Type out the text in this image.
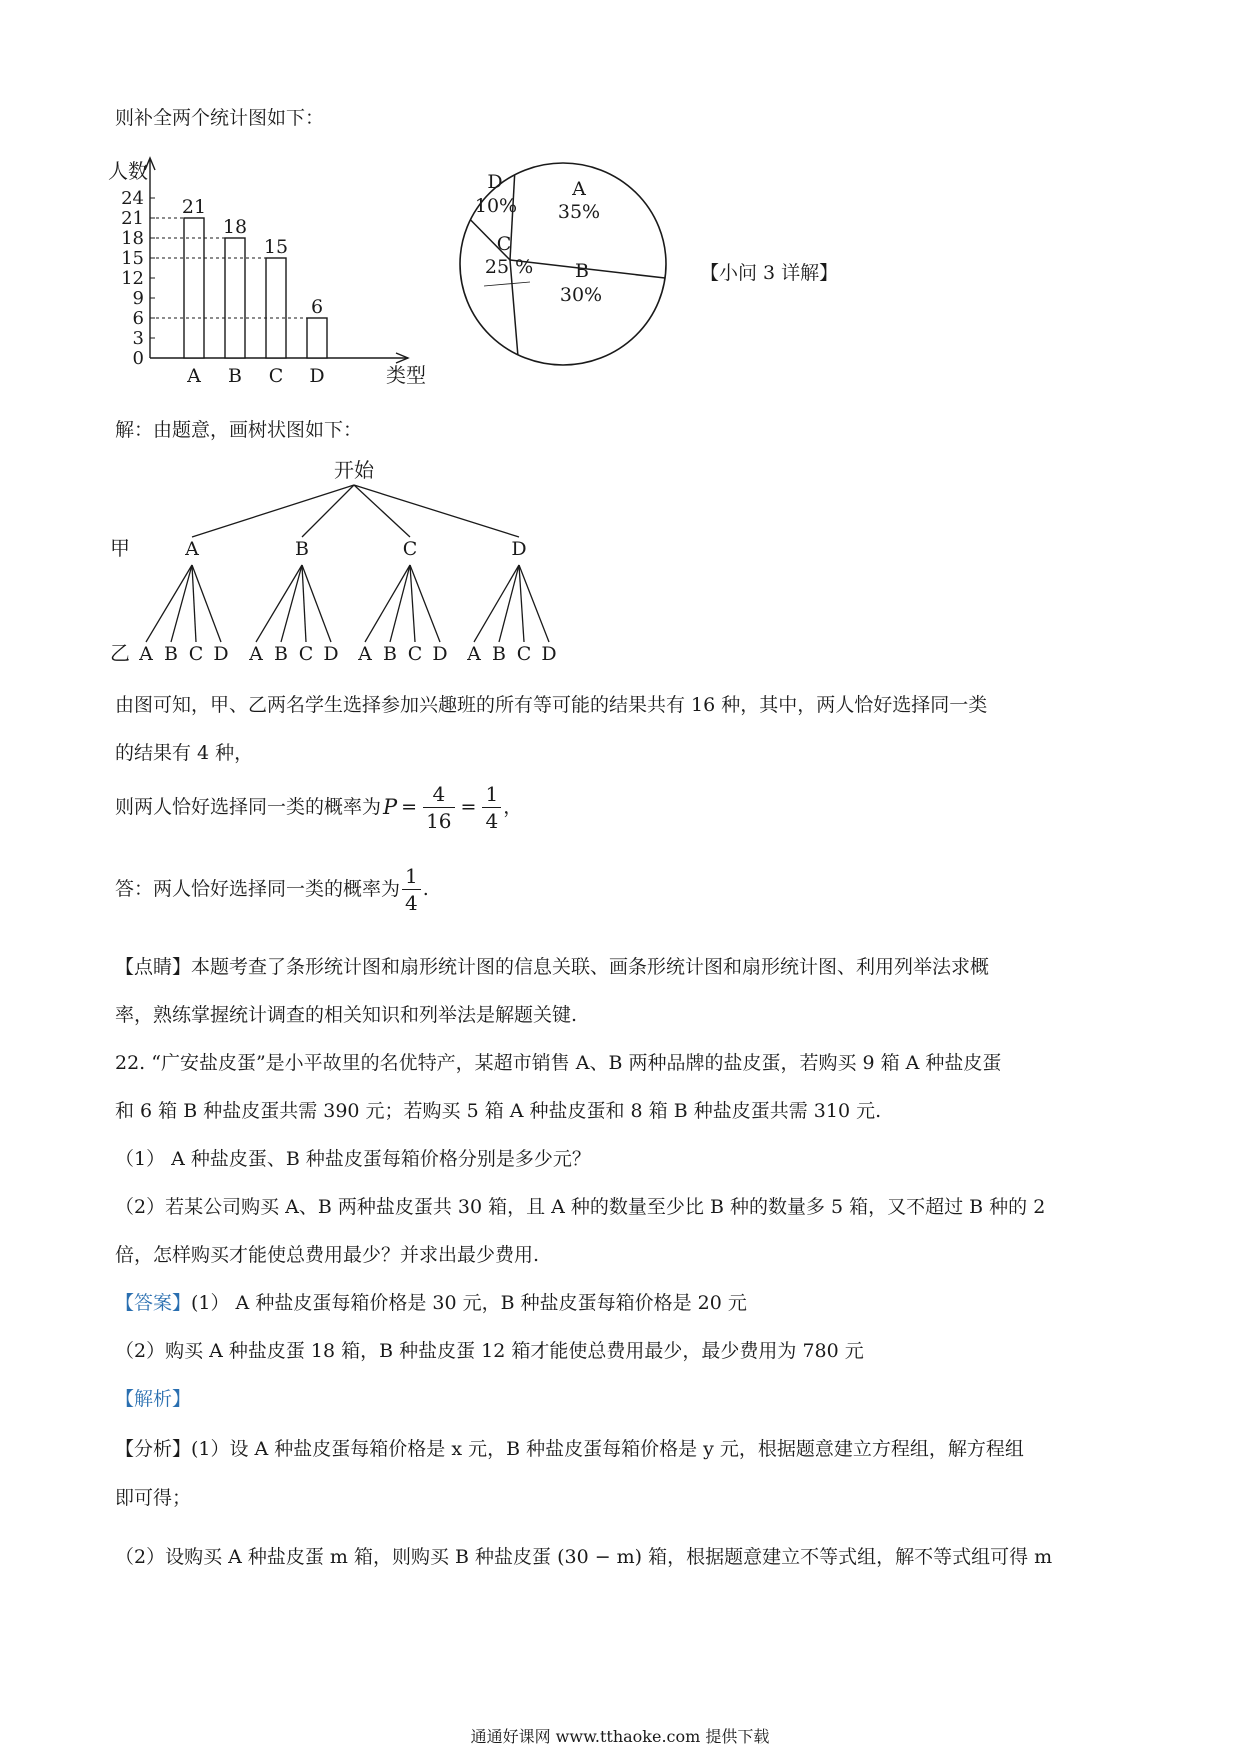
则补全两个统计图如下：
人数
类型
0
3
6
9
12
15
18
21
24 21
A
18
B
15
C
6
D
A
35%
B
30%
C
25 %
D
10%
【小问 3 详解】
解：由题意，画树状图如下：
开始
甲
乙
A
A B C D
B
A B C D
C
A B C D
D
A B C D
由图可知，甲、乙两名学生选择参加兴趣班的所有等可能的结果共有 16 种，其中，两人恰好选择同一类
的结果有 4 种，
则两人恰好选择同一类的概率为 $P = \frac{4}{16} = \frac{1}{4}$ ，
答：两人恰好选择同一类的概率为 $\frac{1}{4}$ .
【点睛】本题考查了条形统计图和扇形统计图的信息关联、画条形统计图和扇形统计图、利用列举法求概
率，熟练掌握统计调查的相关知识和列举法是解题关键.
22. “广安盐皮蛋”是小平故里的名优特产，某超市销售 A、B 两种品牌的盐皮蛋，若购买 9 箱 A 种盐皮蛋
和 6 箱 B 种盐皮蛋共需 390 元；若购买 5 箱 A 种盐皮蛋和 8 箱 B 种盐皮蛋共需 310 元.
（1） A 种盐皮蛋、B 种盐皮蛋每箱价格分别是多少元？
（2）若某公司购买 A、B 两种盐皮蛋共 30 箱，且 A 种的数量至少比 B 种的数量多 5 箱，又不超过 B 种的 2
倍，怎样购买才能使总费用最少？并求出最少费用.
【答案】(1） A 种盐皮蛋每箱价格是 30 元，B 种盐皮蛋每箱价格是 20 元
（2）购买 A 种盐皮蛋 18 箱，B 种盐皮蛋 12 箱才能使总费用最少，最少费用为 780 元
【解析】
【分析】(1）设 A 种盐皮蛋每箱价格是 x 元，B 种盐皮蛋每箱价格是 y 元，根据题意建立方程组，解方程组
即可得；
（2）设购买 A 种盐皮蛋 m 箱，则购买 B 种盐皮蛋 (30 − m) 箱，根据题意建立不等式组，解不等式组可得 m
通通好课网 www.tthaoke.com 提供下载
